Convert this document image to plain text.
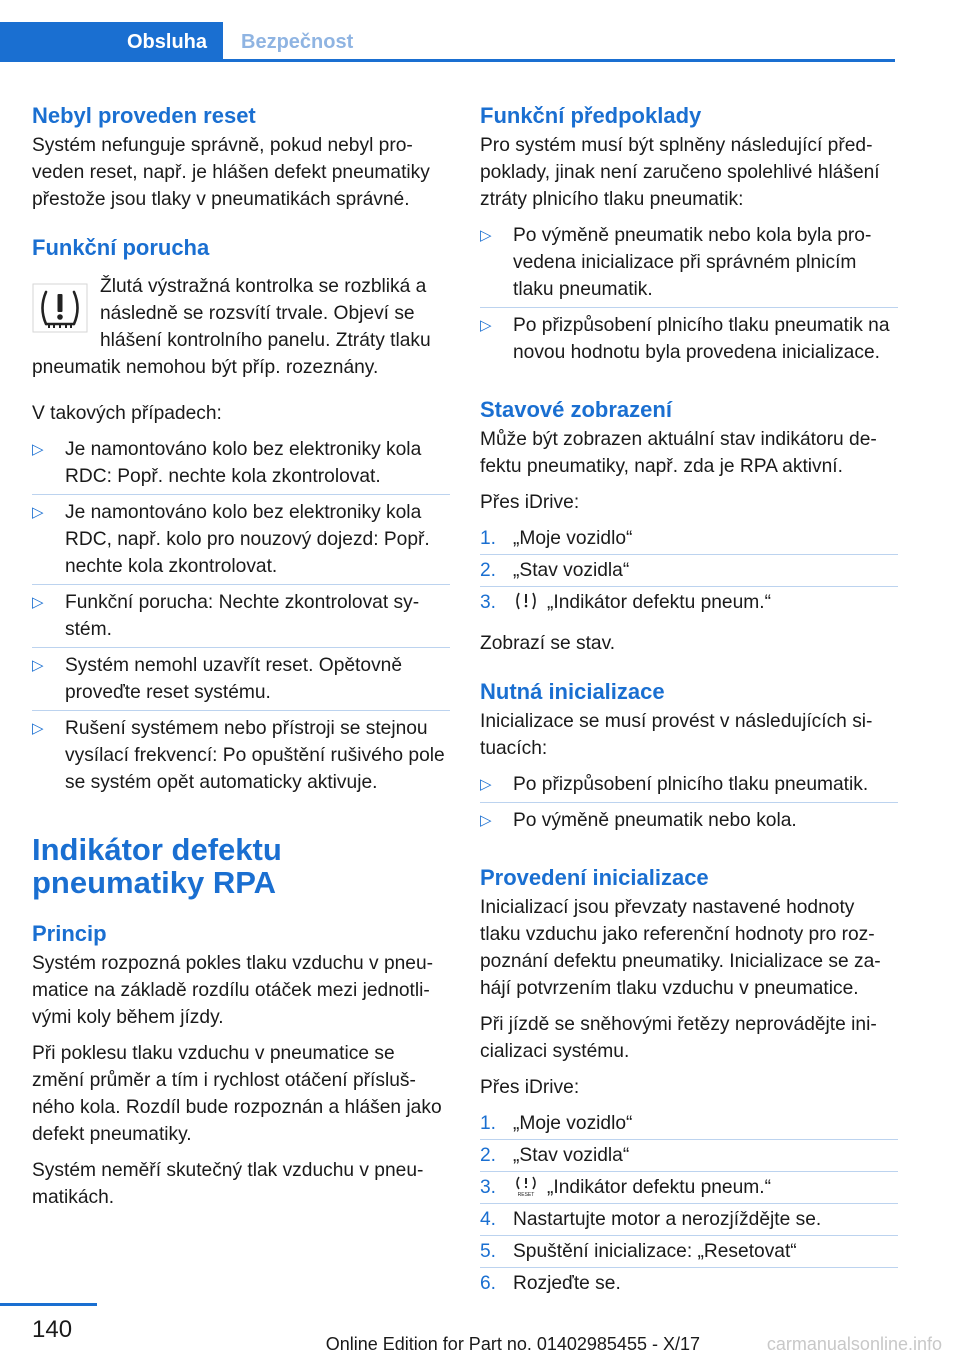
Obsluha	Bezpečnost
Nebyl proveden reset

Systém nefunguje správně, pokud nebyl proveden reset, např. je hlášen defekt pneumatiky přestože jsou tlaky v pneumatikách správné.

Funkční porucha

Žlutá výstražná kontrolka se rozbliká a následně se rozsvítí trvale. Objeví se hlášení kontrolního panelu. Ztráty tlaku

pneumatik nemohou být příp. rozeznány.

V takových případech:

▷ Je namontováno kolo bez elektroniky kola RDC: Popř. nechte kola zkontrolovat.
▷ Je namontováno kolo bez elektroniky kola RDC, např. kolo pro nouzový dojezd: Popř. nechte kola zkontrolovat.
▷ Funkční porucha: Nechte zkontrolovat systém.
▷ Systém nemohl uzavřít reset. Opětovně proveďte reset systému.
▷ Rušení systémem nebo přístroji se stejnou vysílací frekvencí: Po opuštění rušivého pole se systém opět automaticky aktivuje.
Indikátor defektu
pneumatiky RPA
Princip

Systém rozpozná pokles tlaku vzduchu v pneumatice na základě rozdílu otáček mezi jednotlivými koly během jízdy.

Při poklesu tlaku vzduchu v pneumatice se změní průměr a tím i rychlost otáčení příslušného kola. Rozdíl bude rozpoznán a hlášen jako defekt pneumatiky.

Systém neměří skutečný tlak vzduchu v pneumatikách.

Funkční předpoklady

Pro systém musí být splněny následující předpoklady, jinak není zaručeno spolehlivé hlášení ztráty plnicího tlaku pneumatik:

▷ Po výměně pneumatik nebo kola byla provedena inicializace při správném plnicím tlaku pneumatik.
▷ Po přizpůsobení plnicího tlaku pneumatik na novou hodnotu byla provedena inicializace.
Stavové zobrazení

Může být zobrazen aktuální stav indikátoru defektu pneumatiky, např. zda je RPA aktivní.

Přes iDrive:

1. „Moje vozidlo“
2. „Stav vozidla“
3.	„Indikátor defektu pneum.“

Zobrazí se stav.

Nutná inicializace

Inicializace se musí provést v následujících situacích:

▷ Po přizpůsobení plnicího tlaku pneumatik.
▷ Po výměně pneumatik nebo kola.
Provedení inicializace

Inicializací jsou převzaty nastavené hodnoty tlaku vzduchu jako referenční hodnoty pro rozpoznání defektu pneumatiky. Inicializace se zahájí potvrzením tlaku vzduchu v pneumatice.

Při jízdě se sněhovými řetězy neprovádějte inicializaci systému.

Přes iDrive:

1. „Moje vozidlo“
2. „Stav vozidla“
3.	RESET „Indikátor defektu pneum.“
4. Nastartujte motor a nerozjíždějte se.
5. Spuštění inicializace: „Resetovat“
6. Rozjeďte se.
140
Online Edition for Part no. 01402985455 - X/17	carmanualsonline.info
